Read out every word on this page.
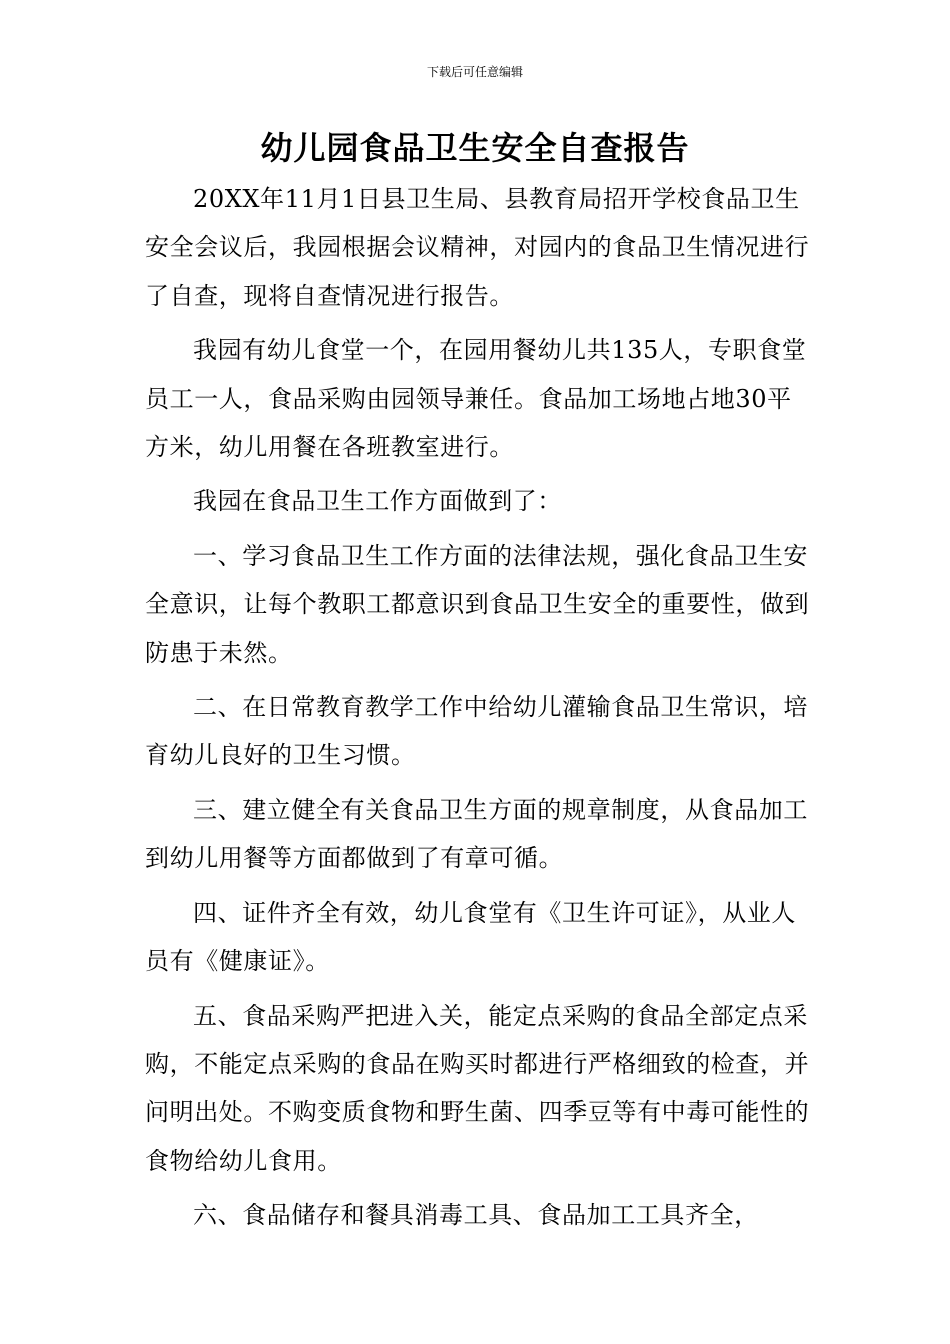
下载后可任意编辑
幼儿园食品卫生安全自查报告

20XX年11月1日县卫生局、县教育局招开学校食品卫生安全会议后，我园根据会议精神，对园内的食品卫生情况进行了自查，现将自查情况进行报告。

我园有幼儿食堂一个，在园用餐幼儿共135人，专职食堂员工一人，食品采购由园领导兼任。食品加工场地占地30平方米，幼儿用餐在各班教室进行。

我园在食品卫生工作方面做到了：

一、学习食品卫生工作方面的法律法规，强化食品卫生安全意识，让每个教职工都意识到食品卫生安全的重要性，做到防患于未然。

二、在日常教育教学工作中给幼儿灌输食品卫生常识，培育幼儿良好的卫生习惯。

三、建立健全有关食品卫生方面的规章制度，从食品加工到幼儿用餐等方面都做到了有章可循。

四、证件齐全有效，幼儿食堂有《卫生许可证》，从业人员有《健康证》。

五、食品采购严把进入关，能定点采购的食品全部定点采购，不能定点采购的食品在购买时都进行严格细致的检查，并问明出处。不购变质食物和野生菌、四季豆等有中毒可能性的食物给幼儿食用。

六、食品储存和餐具消毒工具、食品加工工具齐全，
